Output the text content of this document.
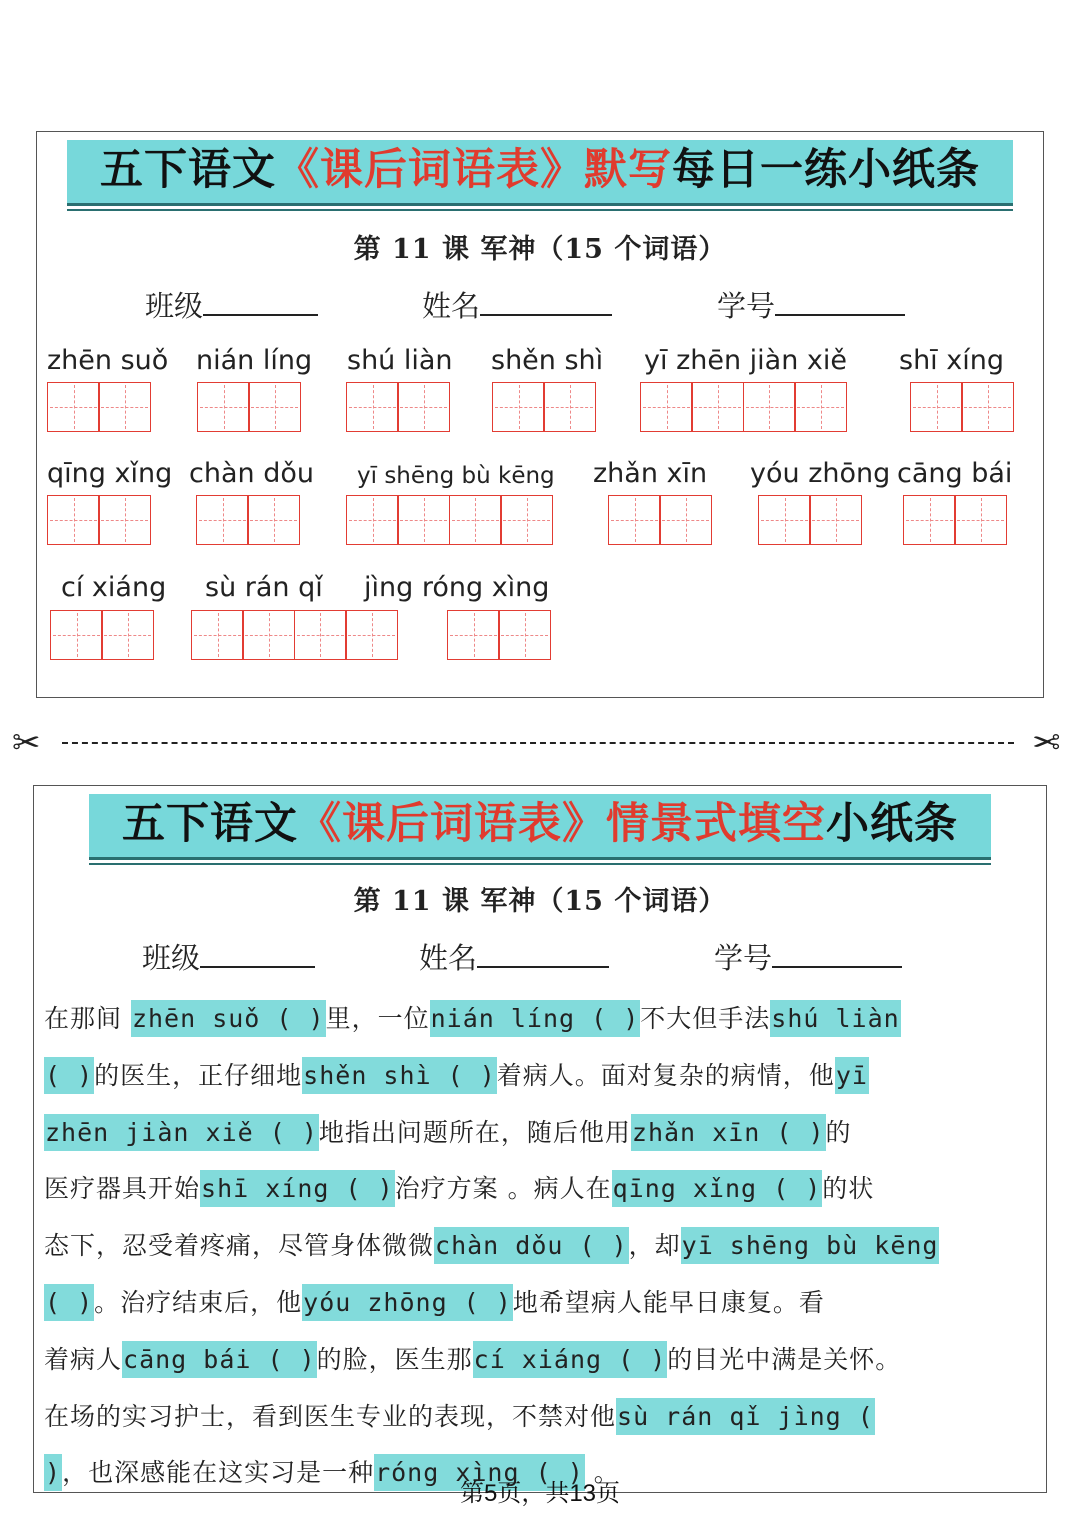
五下语文《课后词语表》默写每日一练小纸条
第 11 课 军神（15 个词语）
班级	姓名	学号
zhēn suǒ nián líng shú liàn shěn shì yī zhēn jiàn xiě shī xíng
qīng xǐng chàn dǒu yī shēng bù kēng zhǎn xīn yóu zhōng cāng bái
cí xiáng sù rán qǐ jìng róng xìng
✂	✂
五下语文《课后词语表》情景式填空小纸条
第 11 课 军神（15 个词语）
班级	姓名	学号
在那间 zhēn suǒ ( )里，一位nián líng ( )不大但手法shú liàn
( )的医生，正仔细地shěn shì ( )着病人。面对复杂的病情，他yī
zhēn jiàn xiě ( )地指出问题所在，随后他用zhǎn xīn ( )的
医疗器具开始shī xíng ( )治疗方案 。病人在qīng xǐng ( )的状
态下，忍受着疼痛，尽管身体微微chàn dǒu ( )，却yī shēng bù kēng
( )。治疗结束后，他yóu zhōng ( )地希望病人能早日康复。看
着病人cāng bái ( )的脸，医生那cí xiáng ( )的目光中满是关怀。
在场的实习护士，看到医生专业的表现，不禁对他sù rán qǐ jìng (
)，也深感能在这实习是一种róng xìng ( ) 。
第5页，共13页
